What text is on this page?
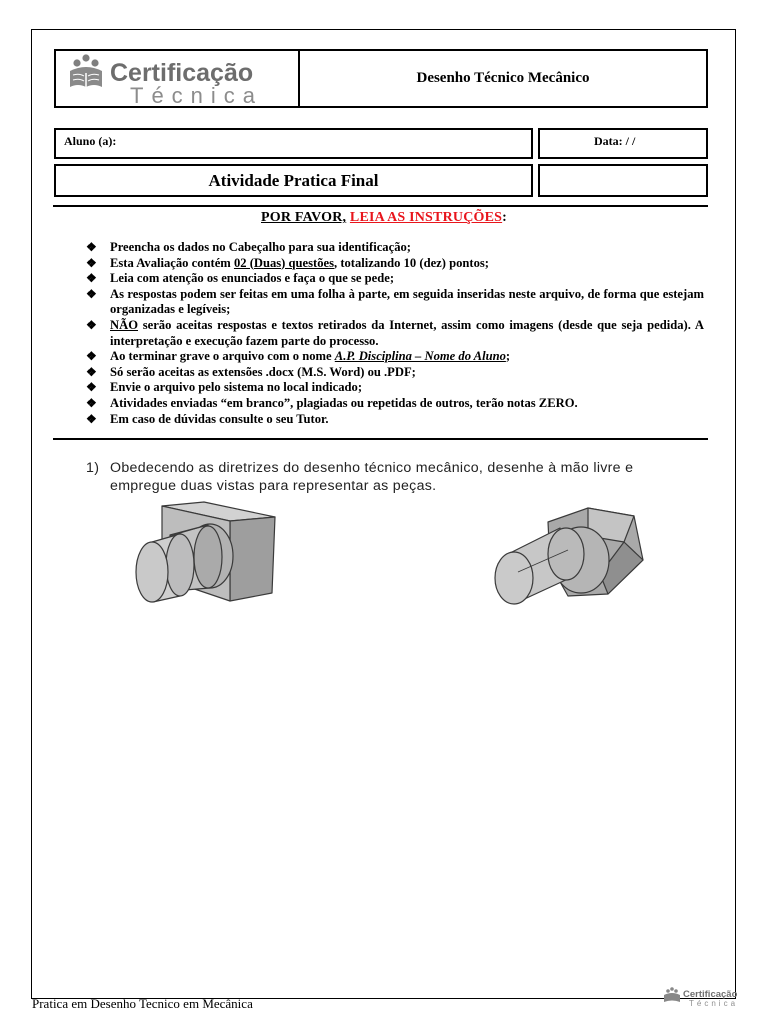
Certificação
Técnica
Desenho Técnico Mecânico
Aluno (a):	Data: / /
Atividade Pratica Final
POR FAVOR, LEIA AS INSTRUÇÕES:
❖ Preencha os dados no Cabeçalho para sua identificação;
❖ Esta Avaliação contém 02 (Duas) questões, totalizando 10 (dez) pontos;
❖ Leia com atenção os enunciados e faça o que se pede;
❖ As respostas podem ser feitas em uma folha à parte, em seguida inseridas neste arquivo, de forma que estejam organizadas e legíveis;
❖ NÃO serão aceitas respostas e textos retirados da Internet, assim como imagens (desde que seja pedida). A interpretação e execução fazem parte do processo.
❖ Ao terminar grave o arquivo com o nome A.P. Disciplina – Nome do Aluno;
❖ Só serão aceitas as extensões .docx (M.S. Word) ou .PDF;
❖ Envie o arquivo pelo sistema no local indicado;
❖ Atividades enviadas “em branco”, plagiadas ou repetidas de outros, terão notas ZERO.
❖ Em caso de dúvidas consulte o seu Tutor.
1) Obedecendo as diretrizes do desenho técnico mecânico, desenhe à mão livre e empregue duas vistas para representar as peças.
Pratica em Desenho Tecnico em Mecânica
Certificação
Técnica
